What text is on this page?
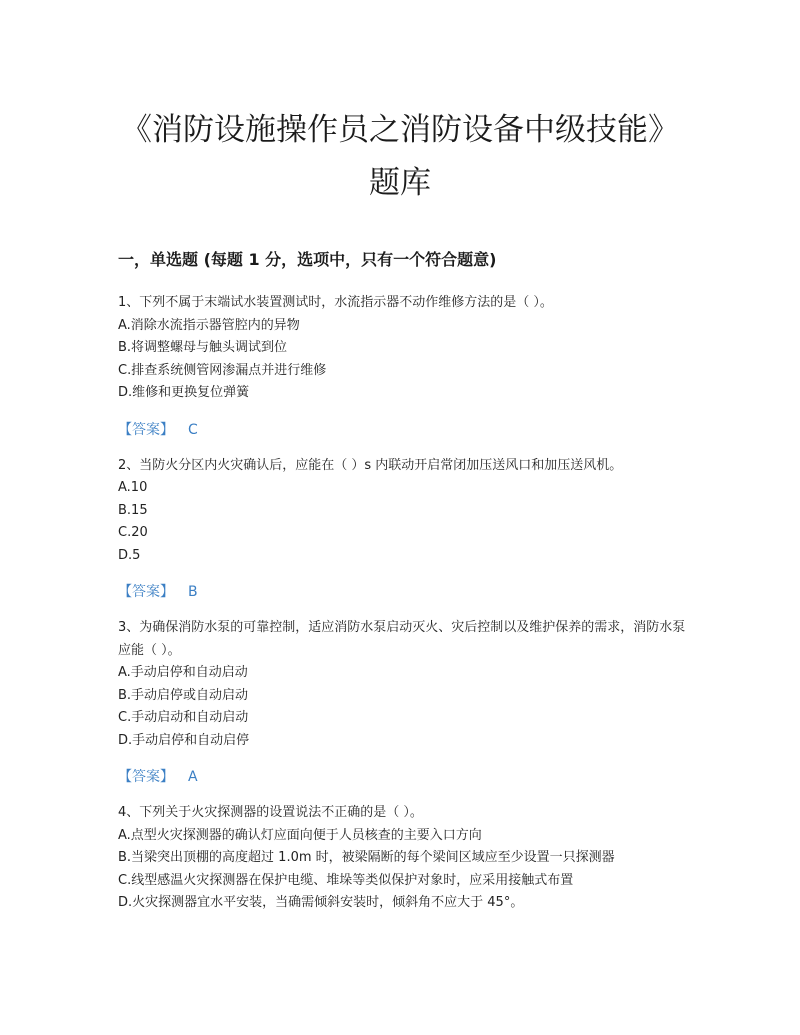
《消防设施操作员之消防设备中级技能》题库
一，单选题 (每题 1 分，选项中，只有一个符合题意)
1、下列不属于末端试水装置测试时，水流指示器不动作维修方法的是（ ）。
A.消除水流指示器管腔内的异物
B.将调整螺母与触头调试到位
C.排查系统侧管网渗漏点并进行维修
D.维修和更换复位弹簧
【答案】 C
2、当防火分区内火灾确认后，应能在（ ）s 内联动开启常闭加压送风口和加压送风机。
A.10
B.15
C.20
D.5
【答案】 B
3、为确保消防水泵的可靠控制，适应消防水泵启动灭火、灾后控制以及维护保养的需求，消防水泵应能（ ）。
A.手动启停和自动启动
B.手动启停或自动启动
C.手动启动和自动启动
D.手动启停和自动启停
【答案】 A
4、下列关于火灾探测器的设置说法不正确的是（ ）。
A.点型火灾探测器的确认灯应面向便于人员核查的主要入口方向
B.当梁突出顶棚的高度超过 1.0m 时，被梁隔断的每个梁间区域应至少设置一只探测器
C.线型感温火灾探测器在保护电缆、堆垛等类似保护对象时，应采用接触式布置
D.火灾探测器宜水平安装，当确需倾斜安装时，倾斜角不应大于 45°。
